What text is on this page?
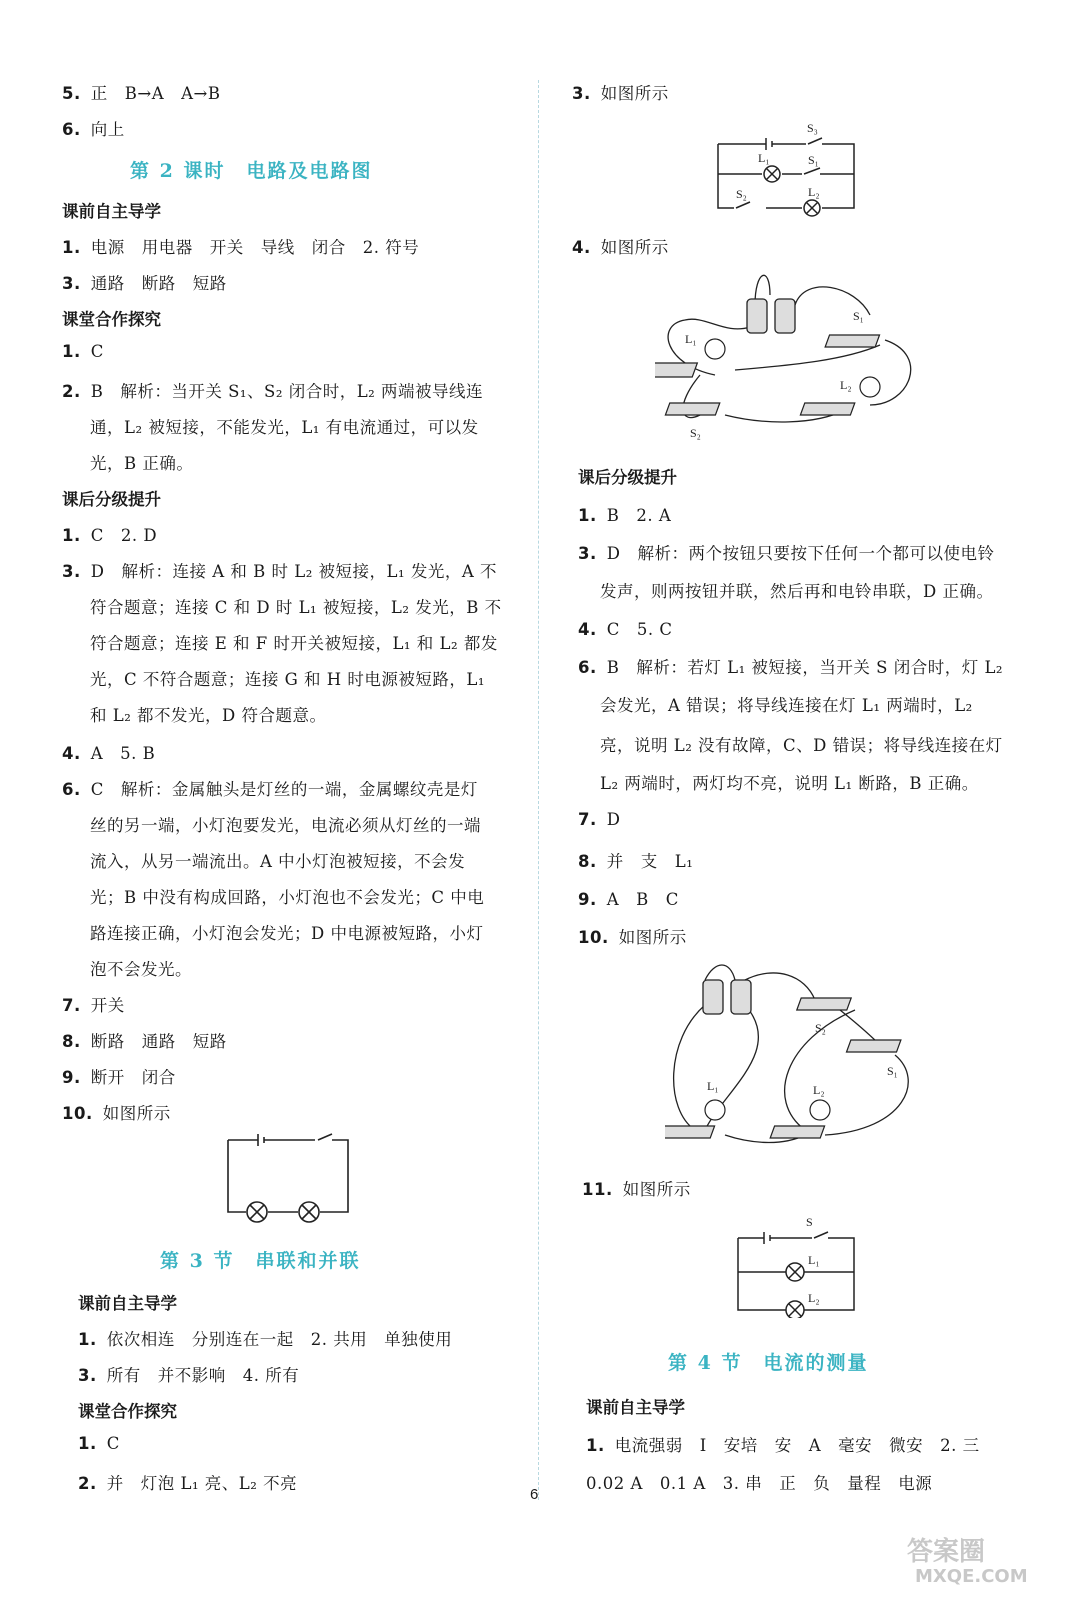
5. 正　B→A　A→B
6. 向上
第 2 课时　电路及电路图
课前自主导学
1. 电源　用电器　开关　导线　闭合　2. 符号
3. 通路　断路　短路
课堂合作探究
1. C
2. B　解析：当开关 S₁、S₂ 闭合时，L₂ 两端被导线连
通，L₂ 被短接，不能发光，L₁ 有电流通过，可以发
光，B 正确。
课后分级提升
1. C　2. D
3. D　解析：连接 A 和 B 时 L₂ 被短接，L₁ 发光，A 不
符合题意；连接 C 和 D 时 L₁ 被短接，L₂ 发光，B 不
符合题意；连接 E 和 F 时开关被短接，L₁ 和 L₂ 都发
光，C 不符合题意；连接 G 和 H 时电源被短路，L₁
和 L₂ 都不发光，D 符合题意。
4. A　5. B
6. C　解析：金属触头是灯丝的一端，金属螺纹壳是灯
丝的另一端，小灯泡要发光，电流必须从灯丝的一端
流入，从另一端流出。A 中小灯泡被短接，不会发
光；B 中没有构成回路，小灯泡也不会发光；C 中电
路连接正确，小灯泡会发光；D 中电源被短路，小灯
泡不会发光。
7. 开关
8. 断路　通路　短路
9. 断开　闭合
10. 如图所示
第 3 节　串联和并联
课前自主导学
1. 依次相连　分别连在一起　2. 共用　单独使用
3. 所有　并不影响　4. 所有
课堂合作探究
1. C
2. 并　灯泡 L₁ 亮、L₂ 不亮
3. 如图所示
S₃
L₁	S₁
S₂	L₂
4. 如图所示
L₁
S₁
L₂
S₂
课后分级提升
1. B　2. A
3. D　解析：两个按钮只要按下任何一个都可以使电铃
发声，则两按钮并联，然后再和电铃串联，D 正确。
4. C　5. C
6. B　解析：若灯 L₁ 被短接，当开关 S 闭合时，灯 L₂
会发光，A 错误；将导线连接在灯 L₁ 两端时，L₂
亮，说明 L₂ 没有故障，C、D 错误；将导线连接在灯
L₂ 两端时，两灯均不亮，说明 L₁ 断路，B 正确。
7. D
8. 并　支　L₁
9. A　B　C
10. 如图所示
S₂
S₁
L₁	L₂
11. 如图所示
S
L₁
L₂
第 4 节　电流的测量
课前自主导学
1. 电流强弱　I　安培　安　A　毫安　微安　2. 三
0.02 A　0.1 A　3. 串　正　负　量程　电源
6
答案圈
MXQE.COM
